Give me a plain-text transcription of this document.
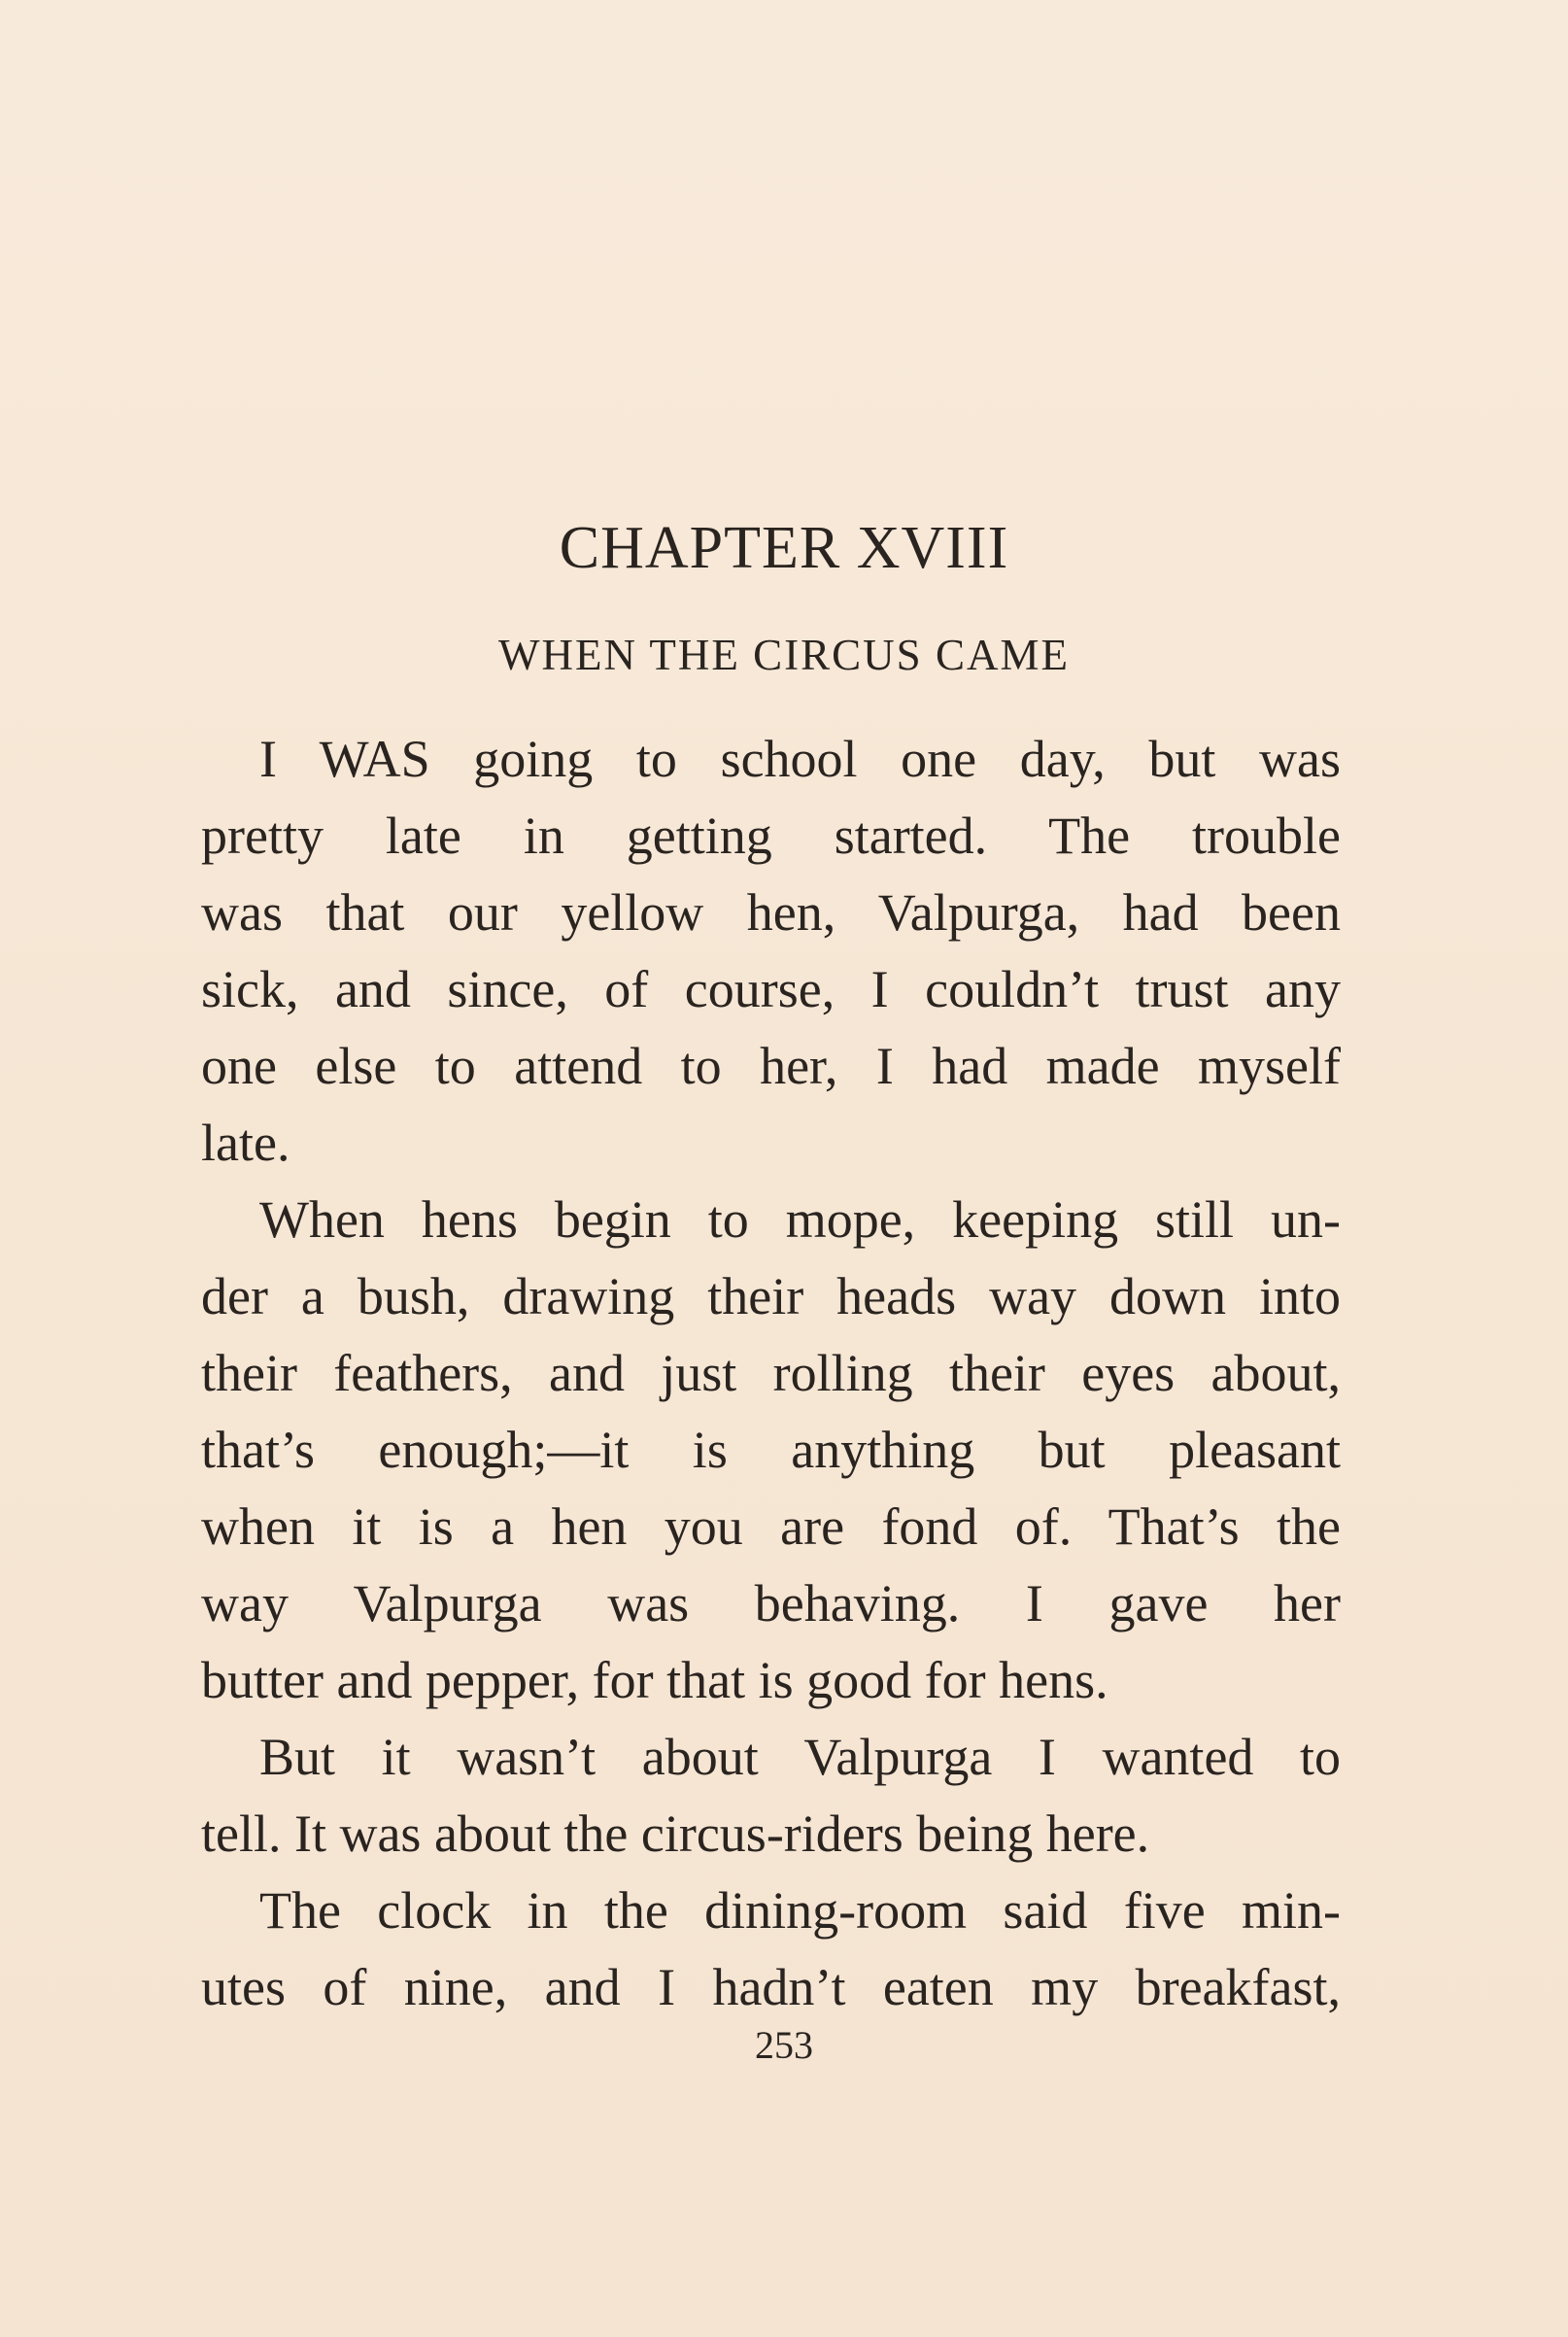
CHAPTER XVIII
WHEN THE CIRCUS CAME
I WAS going to school one day, but was
pretty late in getting started. The trouble
was that our yellow hen, Valpurga, had been
sick, and since, of course, I couldn’t trust any
one else to attend to her, I had made myself
late.
When hens begin to mope, keeping still un-
der a bush, drawing their heads way down into
their feathers, and just rolling their eyes about,
that’s enough;—it is anything but pleasant
when it is a hen you are fond of. That’s the
way Valpurga was behaving. I gave her
butter and pepper, for that is good for hens.
But it wasn’t about Valpurga I wanted to
tell. It was about the circus-riders being here.
The clock in the dining-room said five min-
utes of nine, and I hadn’t eaten my breakfast,
253
